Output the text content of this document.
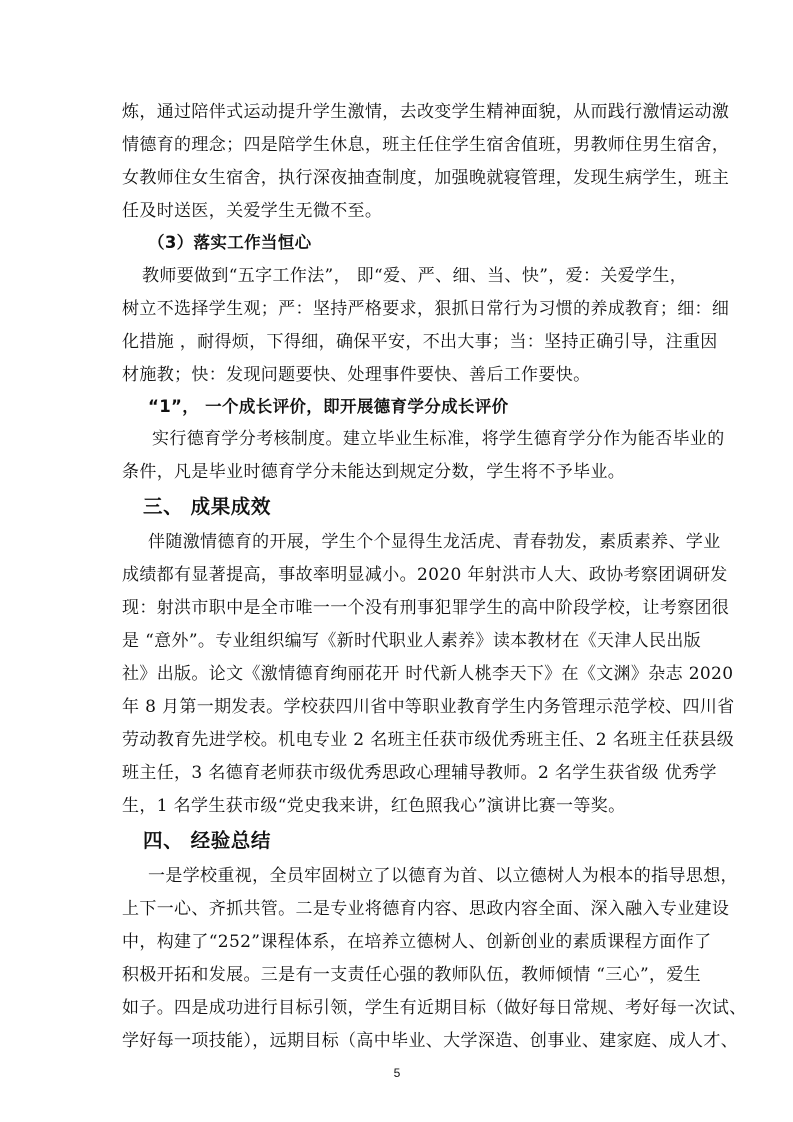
炼，通过陪伴式运动提升学生激情，去改变学生精神面貌，从而践行激情运动激
情德育的理念；四是陪学生休息，班主任住学生宿舍值班，男教师住男生宿舍，
女教师住女生宿舍，执行深夜抽查制度，加强晚就寝管理，发现生病学生，班主
任及时送医，关爱学生无微不至。
（3）落实工作当恒心
教师要做到“五字工作法”， 即“爱、严、细、当、快”，爱：关爱学生，
树立不选择学生观；严：坚持严格要求，狠抓日常行为习惯的养成教育；细：细
化措施 ，耐得烦，下得细，确保平安，不出大事；当：坚持正确引导，注重因
材施教；快：发现问题要快、处理事件要快、善后工作要快。
“1”， 一个成长评价，即开展德育学分成长评价
实行德育学分考核制度。建立毕业生标准，将学生德育学分作为能否毕业的
条件，凡是毕业时德育学分未能达到规定分数，学生将不予毕业。
三、 成果成效
伴随激情德育的开展，学生个个显得生龙活虎、青春勃发，素质素养、学业
成绩都有显著提高，事故率明显减小。2020 年射洪市人大、政协考察团调研发
现：射洪市职中是全市唯一一个没有刑事犯罪学生的高中阶段学校，让考察团很
是 “意外”。专业组织编写《新时代职业人素养》读本教材在《天津人民出版
社》出版。论文《激情德育绚丽花开 时代新人桃李天下》在《文渊》杂志 2020
年 8 月第一期发表。学校获四川省中等职业教育学生内务管理示范学校、四川省
劳动教育先进学校。机电专业 2 名班主任获市级优秀班主任、2 名班主任获县级
班主任，3 名德育老师获市级优秀思政心理辅导教师。2 名学生获省级 优秀学
生，1 名学生获市级“党史我来讲，红色照我心”演讲比赛一等奖。
四、 经验总结
一是学校重视，全员牢固树立了以德育为首、以立德树人为根本的指导思想，
上下一心、齐抓共管。二是专业将德育内容、思政内容全面、深入融入专业建设
中，构建了“252”课程体系，在培养立德树人、创新创业的素质课程方面作了
积极开拓和发展。三是有一支责任心强的教师队伍，教师倾情 “三心”，爱生
如子。四是成功进行目标引领，学生有近期目标（做好每日常规、考好每一次试、
学好每一项技能），远期目标（高中毕业、大学深造、创事业、建家庭、成人才、
5
